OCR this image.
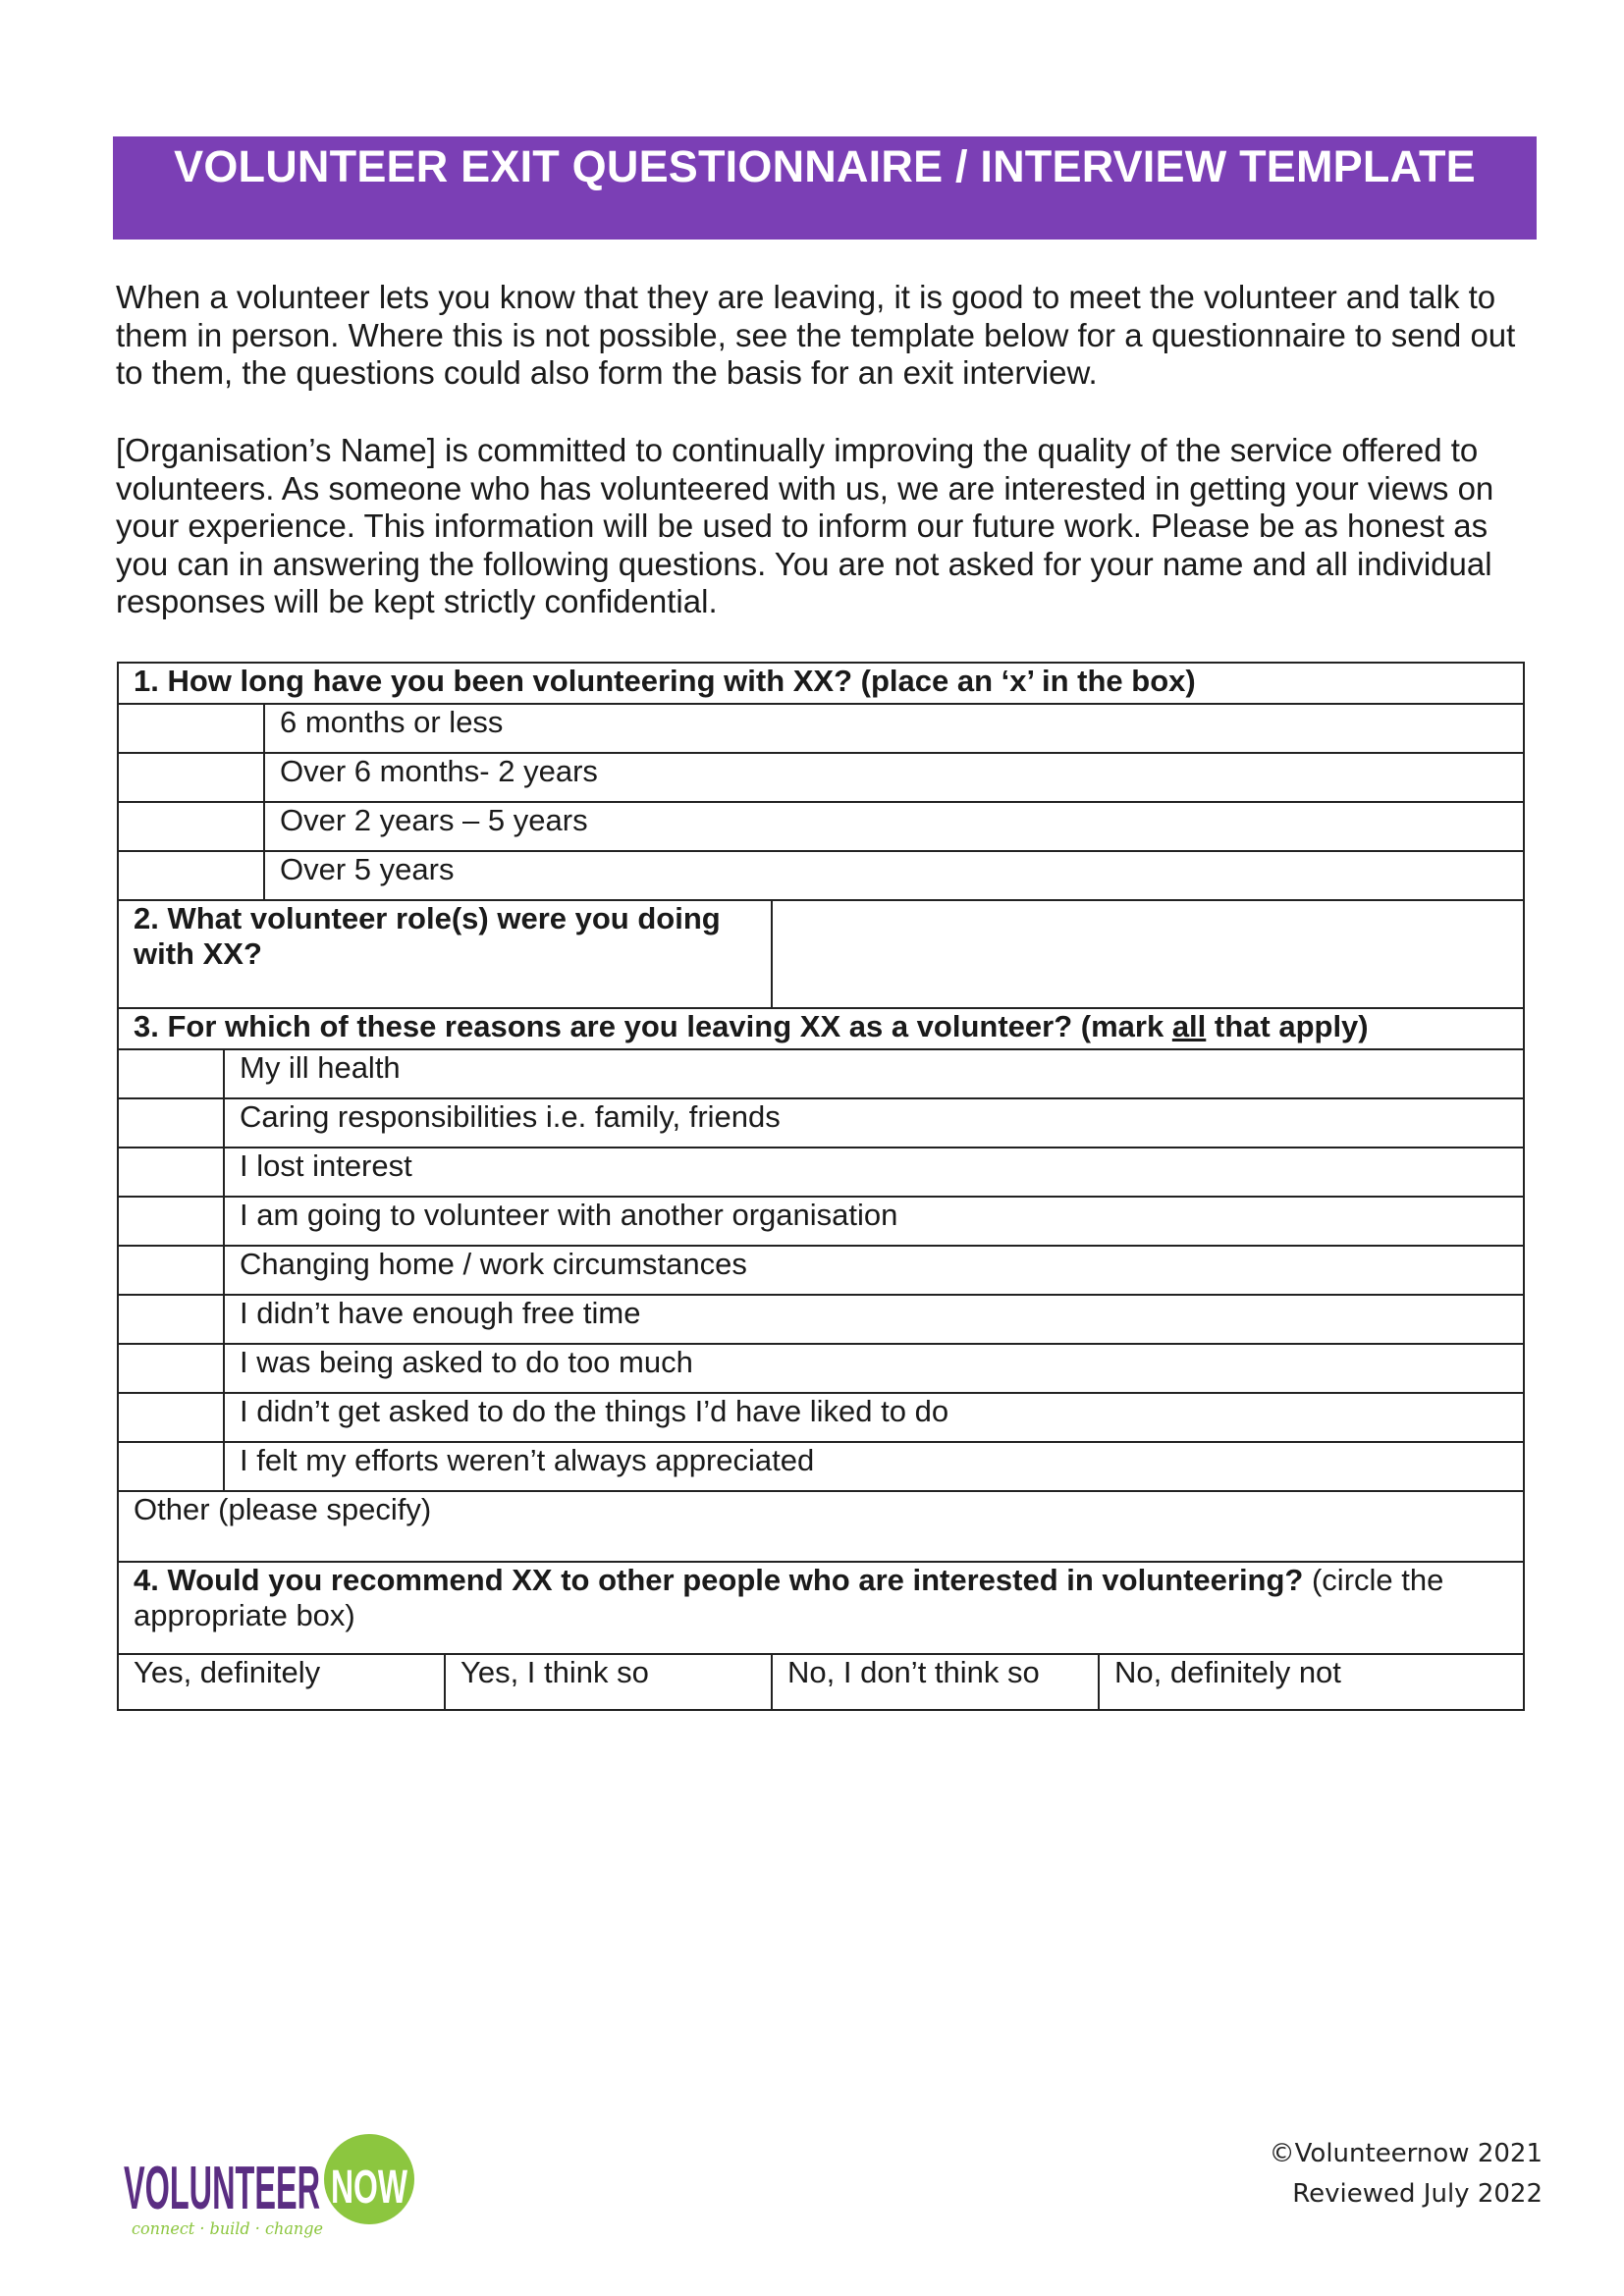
VOLUNTEER EXIT QUESTIONNAIRE / INTERVIEW TEMPLATE

When a volunteer lets you know that they are leaving, it is good to meet the volunteer and talk to them in person. Where this is not possible, see the template below for a questionnaire to send out to them, the questions could also form the basis for an exit interview.

[Organisation’s Name] is committed to continually improving the quality of the service offered to volunteers. As someone who has volunteered with us, we are interested in getting your views on your experience. This information will be used to inform our future work. Please be as honest as you can in answering the following questions. You are not asked for your name and all individual responses will be kept strictly confidential.

1. How long have you been volunteering with XX? (place an ‘x’ in the box)					
		6 months or less			
		Over 6 months- 2 years			
		Over 2 years – 5 years			
		Over 5 years			
2. What volunteer role(s) were you doing with XX?					
3. For which of these reasons are you leaving XX as a volunteer? (mark all that apply)					
	My ill health				
	Caring responsibilities i.e. family, friends				
	I lost interest				
	I am going to volunteer with another organisation				
	Changing home / work circumstances				
	I didn’t have enough free time				
	I was being asked to do too much				
	I didn’t get asked to do the things I’d have liked to do				
	I felt my efforts weren’t always appreciated				
Other (please specify)					
4. Would you recommend XX to other people who are interested in volunteering? (circle the appropriate box)					
Yes, definitely			Yes, I think so	No, I don’t think so	No, definitely not
VOLUNTEER NOW
connect · build · change
©Volunteernow 2021
Reviewed July 2022
